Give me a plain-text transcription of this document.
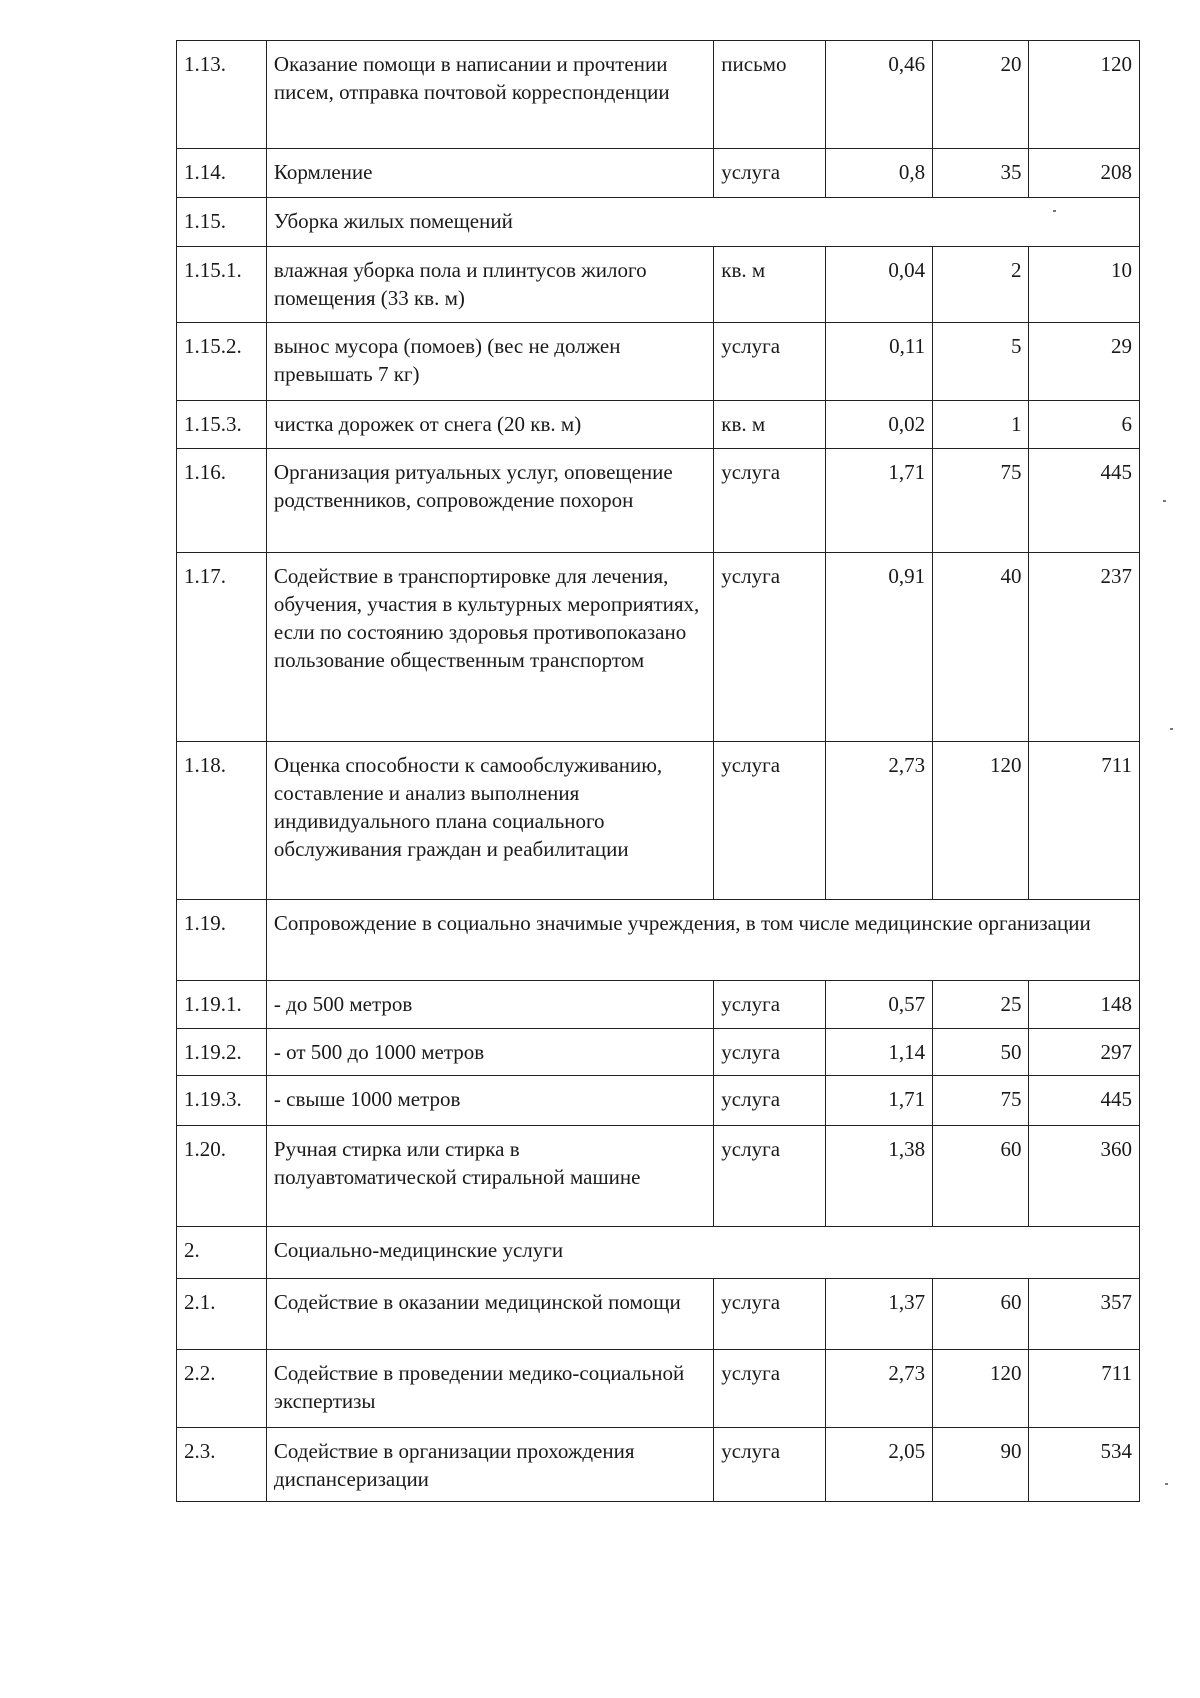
1.13.	Оказание помощи в написании и прочтении писем, отправка почтовой корреспонденции	письмо	0,46	20	120
1.14.	Кормление	услуга	0,8	35	208
1.15.	Уборка жилых помещений				
1.15.1.	влажная уборка пола и плинтусов жилого помещения (33 кв. м)	кв. м	0,04	2	10
1.15.2.	вынос мусора (помоев) (вес не должен превышать 7 кг)	услуга	0,11	5	29
1.15.3.	чистка дорожек от снега (20 кв. м)	кв. м	0,02	1	6
1.16.	Организация ритуальных услуг, оповещение родственников, сопровождение похорон	услуга	1,71	75	445
1.17.	Содействие в транспортировке для лечения, обучения, участия в культурных мероприятиях, если по состоянию здоровья противопоказано пользование общественным транспортом	услуга	0,91	40	237
1.18.	Оценка способности к самообслуживанию, составление и анализ выполнения индивидуального плана социального обслуживания граждан и реабилитации	услуга	2,73	120	711
1.19.	Сопровождение в социально значимые учреждения, в том числе медицинские организации				
1.19.1.	- до 500 метров	услуга	0,57	25	148
1.19.2.	- от 500 до 1000 метров	услуга	1,14	50	297
1.19.3.	- свыше 1000 метров	услуга	1,71	75	445
1.20.	Ручная стирка или стирка в полуавтоматической стиральной машине	услуга	1,38	60	360
2.	Социально-медицинские услуги				
2.1.	Содействие в оказании медицинской помощи	услуга	1,37	60	357
2.2.	Содействие в проведении медико-социальной экспертизы	услуга	2,73	120	711
2.3.	Содействие в организации прохождения диспансеризации	услуга	2,05	90	534
